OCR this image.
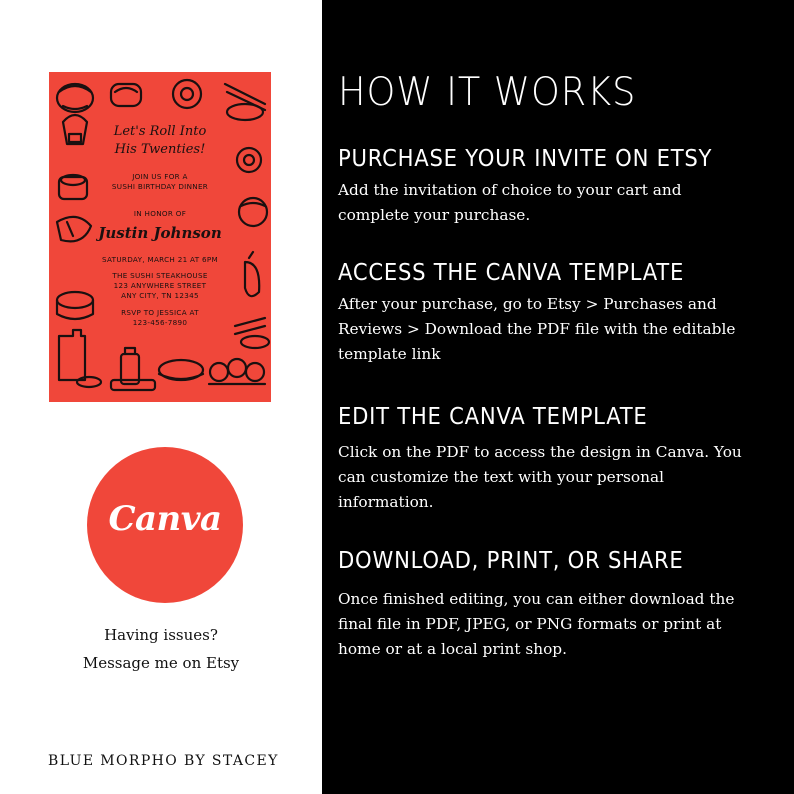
Let's Roll Into
His Twenties!
JOIN US FOR A
SUSHI BIRTHDAY DINNER
IN HONOR OF
Justin Johnson
SATURDAY, MARCH 21 AT 6PM
THE SUSHI STEAKHOUSE
123 ANYWHERE STREET
ANY CITY, TN 12345
RSVP TO JESSICA AT
123-456-7890
Canva
Having issues?
Message me on Etsy
BLUE MORPHO BY STACEY
HOW IT WORKS
PURCHASE YOUR INVITE ON ETSY
Add the invitation of choice to your cart and
complete your purchase.
ACCESS THE CANVA TEMPLATE
After your purchase, go to Etsy > Purchases and
Reviews > Download the PDF file with the editable
template link
EDIT THE CANVA TEMPLATE
Click on the PDF to access the design in Canva. You
can customize the text with your personal
information.
DOWNLOAD, PRINT, OR SHARE
Once finished editing, you can either download the
final file in PDF, JPEG, or PNG formats or print at
home or at a local print shop.
